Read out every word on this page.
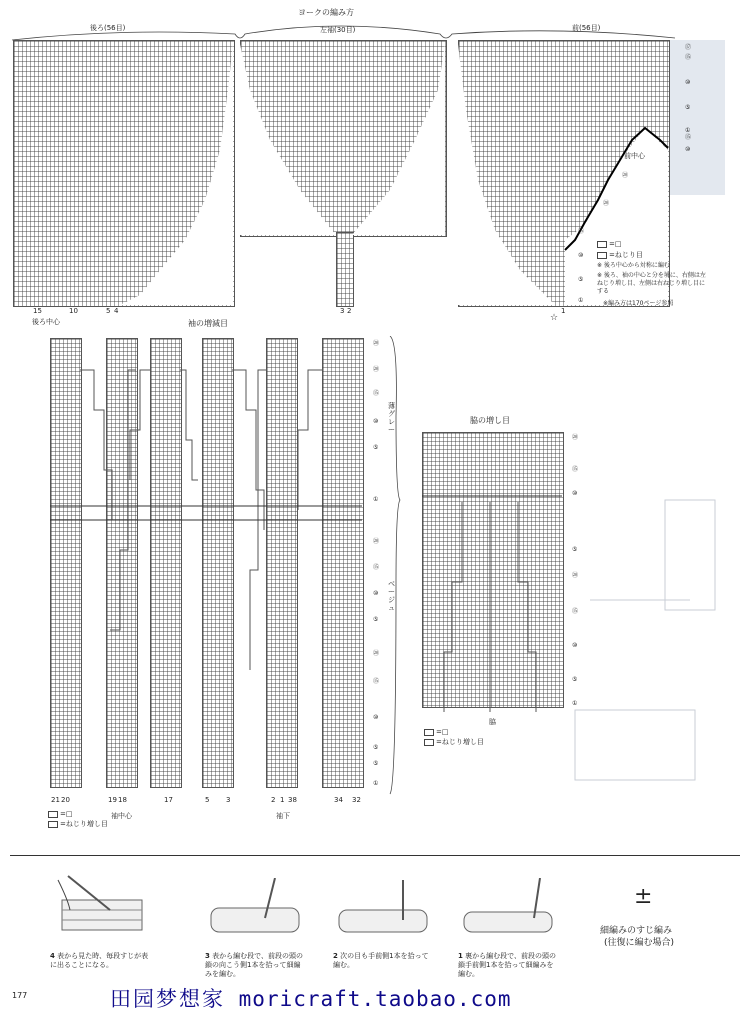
ヨークの編み方
後ろ(56目)	左袖(30目)	前(56目)
15	10	5 4	3 2	1
後ろ中心
前中心
☆
⑰
⑮
⑩
⑤
①
⑮
⑩
⑳
⑳
⑮
⑩
⑤
①
=□
=ねじり目
※ 後ろ中心から対称に編む
※ 後ろ、袖の中心と分を境に、右側は左ねじり増し目、左側は右ねじり増し目にする
※編み方は170ページ参照
袖の増減目
薄グレー
ベージュ
⑳
⑳
⑮
⑩
⑤
①
⑳
⑮
⑩
⑤
⑳
⑮
⑩
⑤
⑤
①
21 20	19 18	17	5 3	2 1 38	34 32
袖中心	袖下
=□
=ねじり増し目
脇の増し目
⑳
⑮
⑩
⑤
⑳
⑮
⑩
⑤
①
脇
=□
=ねじり増し目
4 表から見た時、毎段すじが表に出ることになる。
3 表から編む段で、前段の頭の鎖の向こう側1本を拾って細編みを編む。
2 次の目も手前側1本を拾って編む。
1 裏から編む段で、前段の頭の鎖手前側1本を拾って細編みを編む。
±
細編みのすじ編み
(往復に編む場合)
177	田园梦想家 moricraft.taobao.com
